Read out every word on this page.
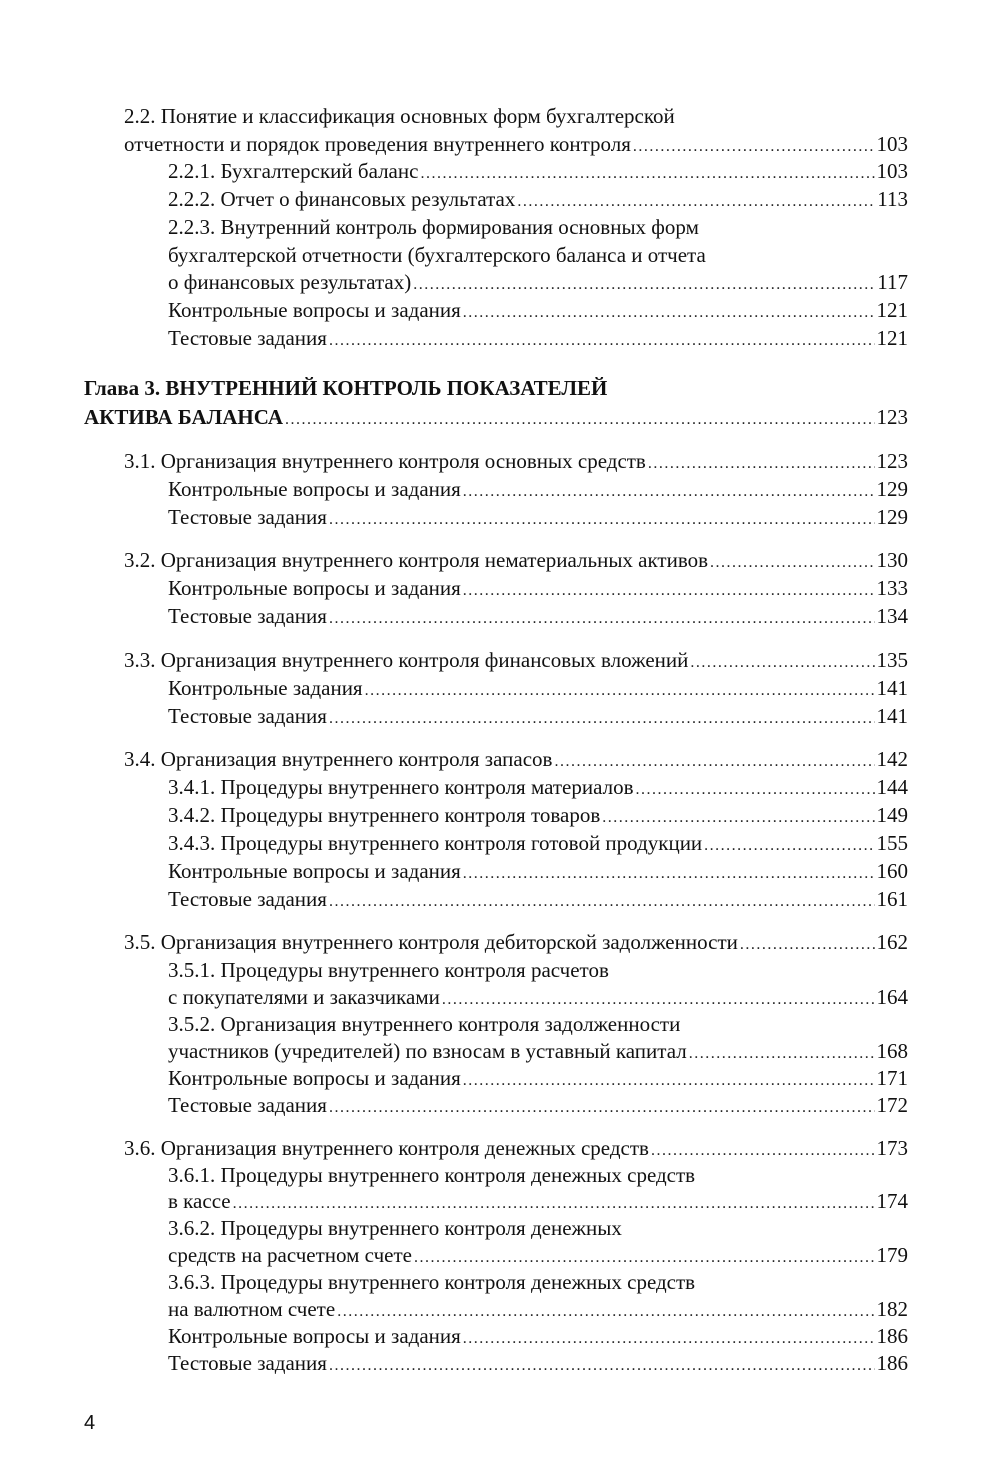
2.2. Понятие и классификация основных форм бухгалтерской
отчетности и порядок проведения внутреннего контроля .....	103
2.2.1. Бухгалтерский баланс .....	103
2.2.2. Отчет о финансовых результатах .....	113
2.2.3. Внутренний контроль формирования основных форм
бухгалтерской отчетности (бухгалтерского баланса и отчета
о финансовых результатах) .....	117
Контрольные вопросы и задания .....	121
Тестовые задания .....	121
Глава 3. ВНУТРЕННИЙ КОНТРОЛЬ ПОКАЗАТЕЛЕЙ
АКТИВА БАЛАНСА .....	123
3.1. Организация внутреннего контроля основных средств .....	123
Контрольные вопросы и задания .....	129
Тестовые задания .....	129
3.2. Организация внутреннего контроля нематериальных активов .....	130
Контрольные вопросы и задания .....	133
Тестовые задания .....	134
3.3. Организация внутреннего контроля финансовых вложений .....	135
Контрольные задания .....	141
Тестовые задания .....	141
3.4. Организация внутреннего контроля запасов .....	142
3.4.1. Процедуры внутреннего контроля материалов .....	144
3.4.2. Процедуры внутреннего контроля товаров .....	149
3.4.3. Процедуры внутреннего контроля готовой продукции .....	155
Контрольные вопросы и задания .....	160
Тестовые задания .....	161
3.5. Организация внутреннего контроля дебиторской задолженности .....	162
3.5.1. Процедуры внутреннего контроля расчетов
с покупателями и заказчиками .....	164
3.5.2. Организация внутреннего контроля задолженности
участников (учредителей) по взносам в уставный капитал .....	168
Контрольные вопросы и задания .....	171
Тестовые задания .....	172
3.6. Организация внутреннего контроля денежных средств .....	173
3.6.1. Процедуры внутреннего контроля денежных средств
в кассе .....	174
3.6.2. Процедуры внутреннего контроля денежных
средств на расчетном счете .....	179
3.6.3. Процедуры внутреннего контроля денежных средств
на валютном счете .....	182
Контрольные вопросы и задания .....	186
Тестовые задания .....	186
4
